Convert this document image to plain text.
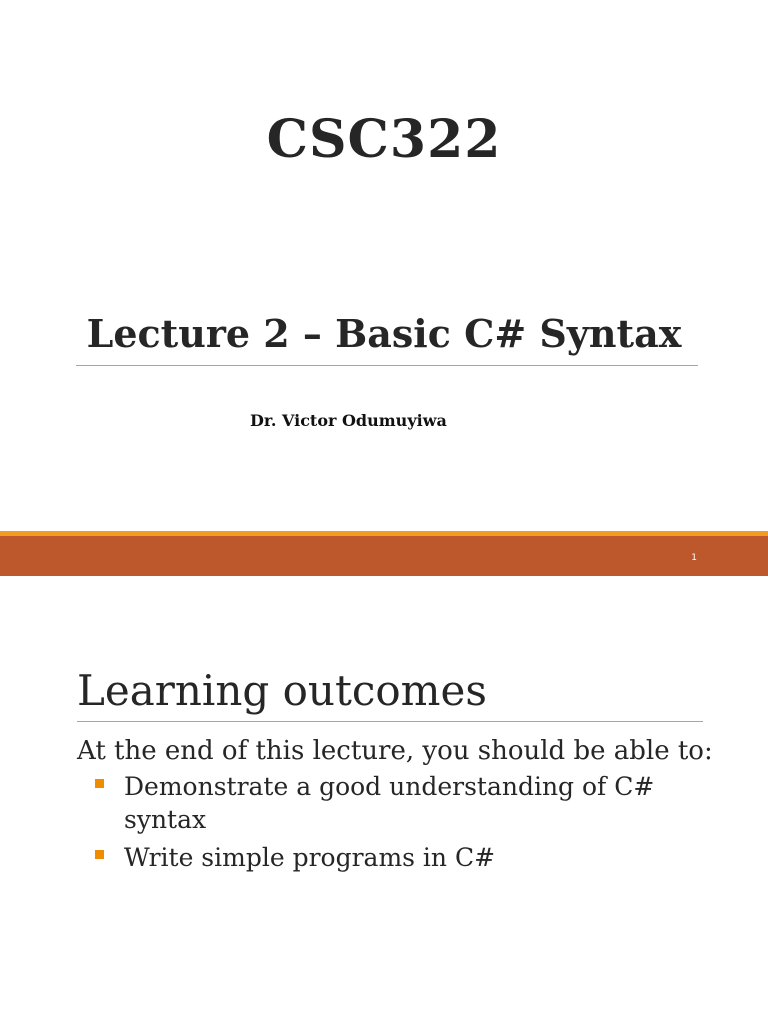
CSC322
Lecture 2 – Basic C# Syntax
Dr. Victor Odumuyiwa
1
Learning outcomes
At the end of this lecture, you should be able to:
Demonstrate a good understanding of C# syntax
Write simple programs in C#
